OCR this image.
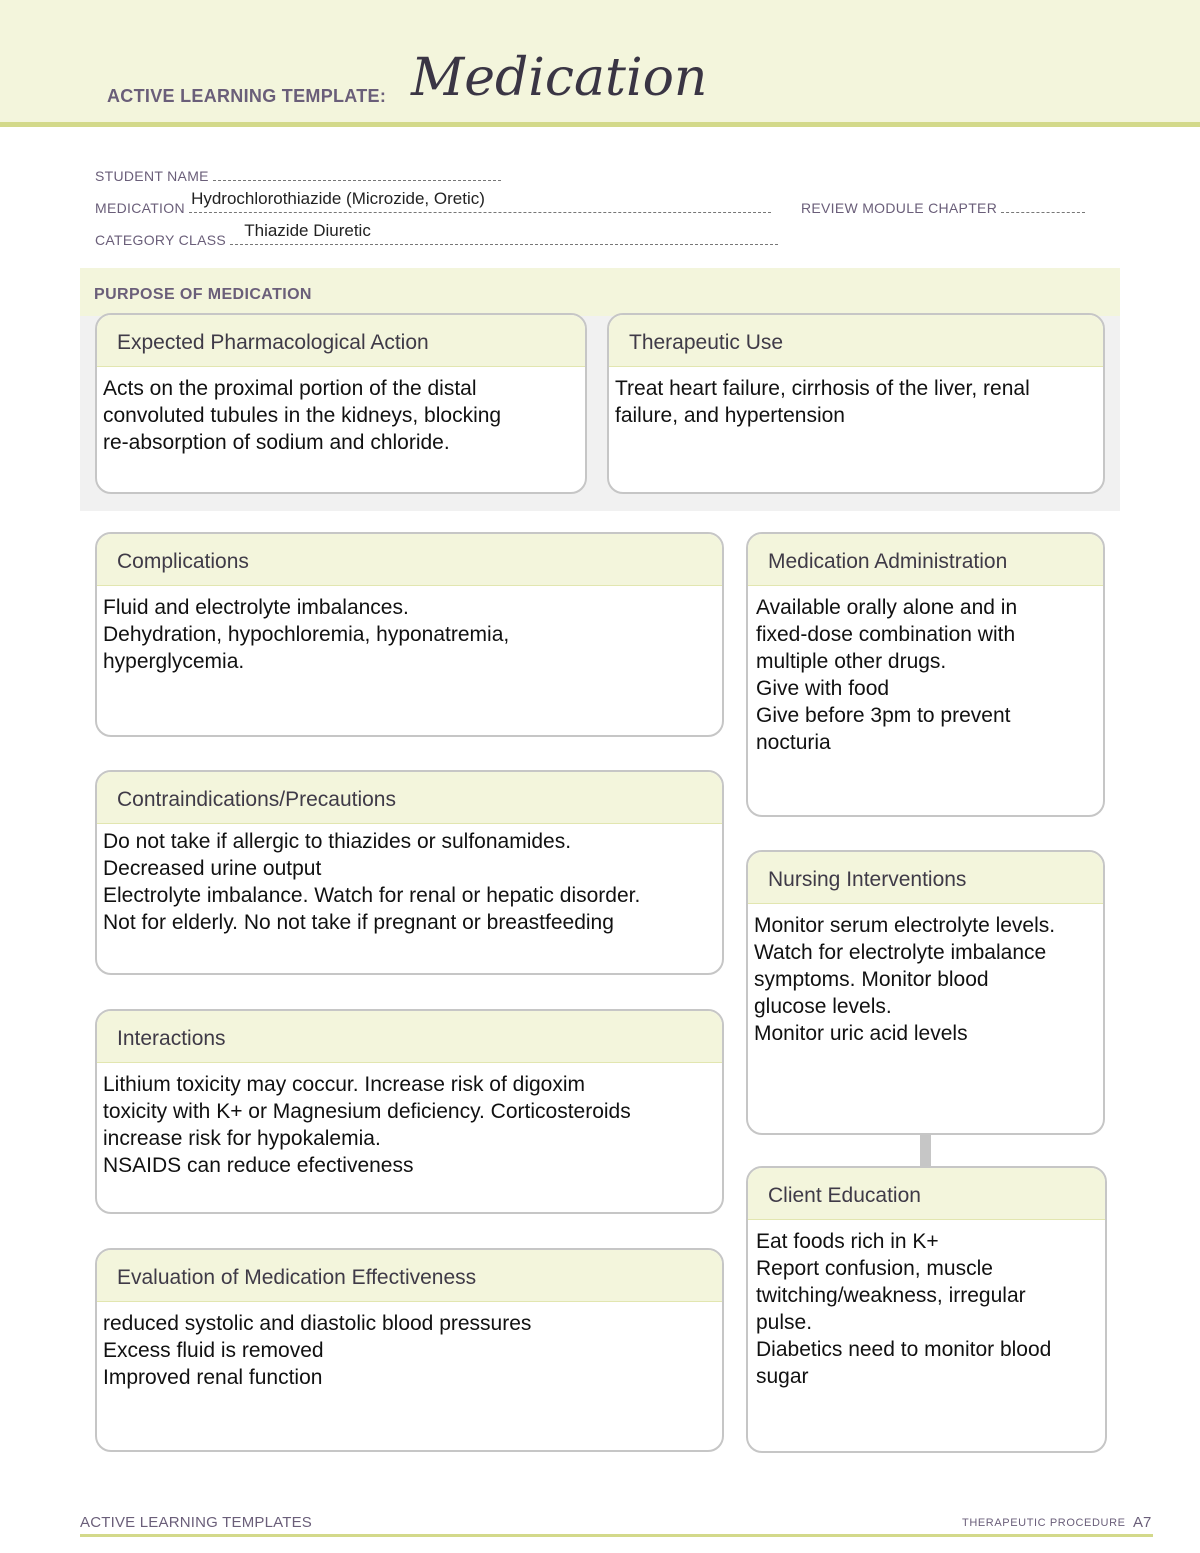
ACTIVE LEARNING TEMPLATE: Medication
STUDENT NAME
MEDICATION Hydrochlorothiazide (Microzide, Oretic)	REVIEW MODULE CHAPTER
CATEGORY CLASS Thiazide Diuretic
PURPOSE OF MEDICATION
Expected Pharmacological Action
Acts on the proximal portion of the distal
convoluted tubules in the kidneys, blocking
re-absorption of sodium and chloride.
Therapeutic Use
Treat heart failure, cirrhosis of the liver, renal
failure, and hypertension
Complications
Fluid and electrolyte imbalances.
Dehydration, hypochloremia, hyponatremia,
hyperglycemia.
Contraindications/Precautions
Do not take if allergic to thiazides or sulfonamides.
Decreased urine output
Electrolyte imbalance. Watch for renal or hepatic disorder.
Not for elderly. No not take if pregnant or breastfeeding
Interactions
Lithium toxicity may coccur. Increase risk of digoxim
toxicity with K+ or Magnesium deficiency. Corticosteroids
increase risk for hypokalemia.
NSAIDS can reduce efectiveness
Evaluation of Medication Effectiveness
reduced systolic and diastolic blood pressures
Excess fluid is removed
Improved renal function
Medication Administration
Available orally alone and in
fixed-dose combination with
multiple other drugs.
Give with food
Give before 3pm to prevent
nocturia
Nursing Interventions
Monitor serum electrolyte levels.
Watch for electrolyte imbalance
symptoms. Monitor blood
glucose levels.
Monitor uric acid levels
Client Education
Eat foods rich in K+
Report confusion, muscle
twitching/weakness, irregular
pulse.
Diabetics need to monitor blood
sugar
ACTIVE LEARNING TEMPLATES	THERAPEUTIC PROCEDURE A7
